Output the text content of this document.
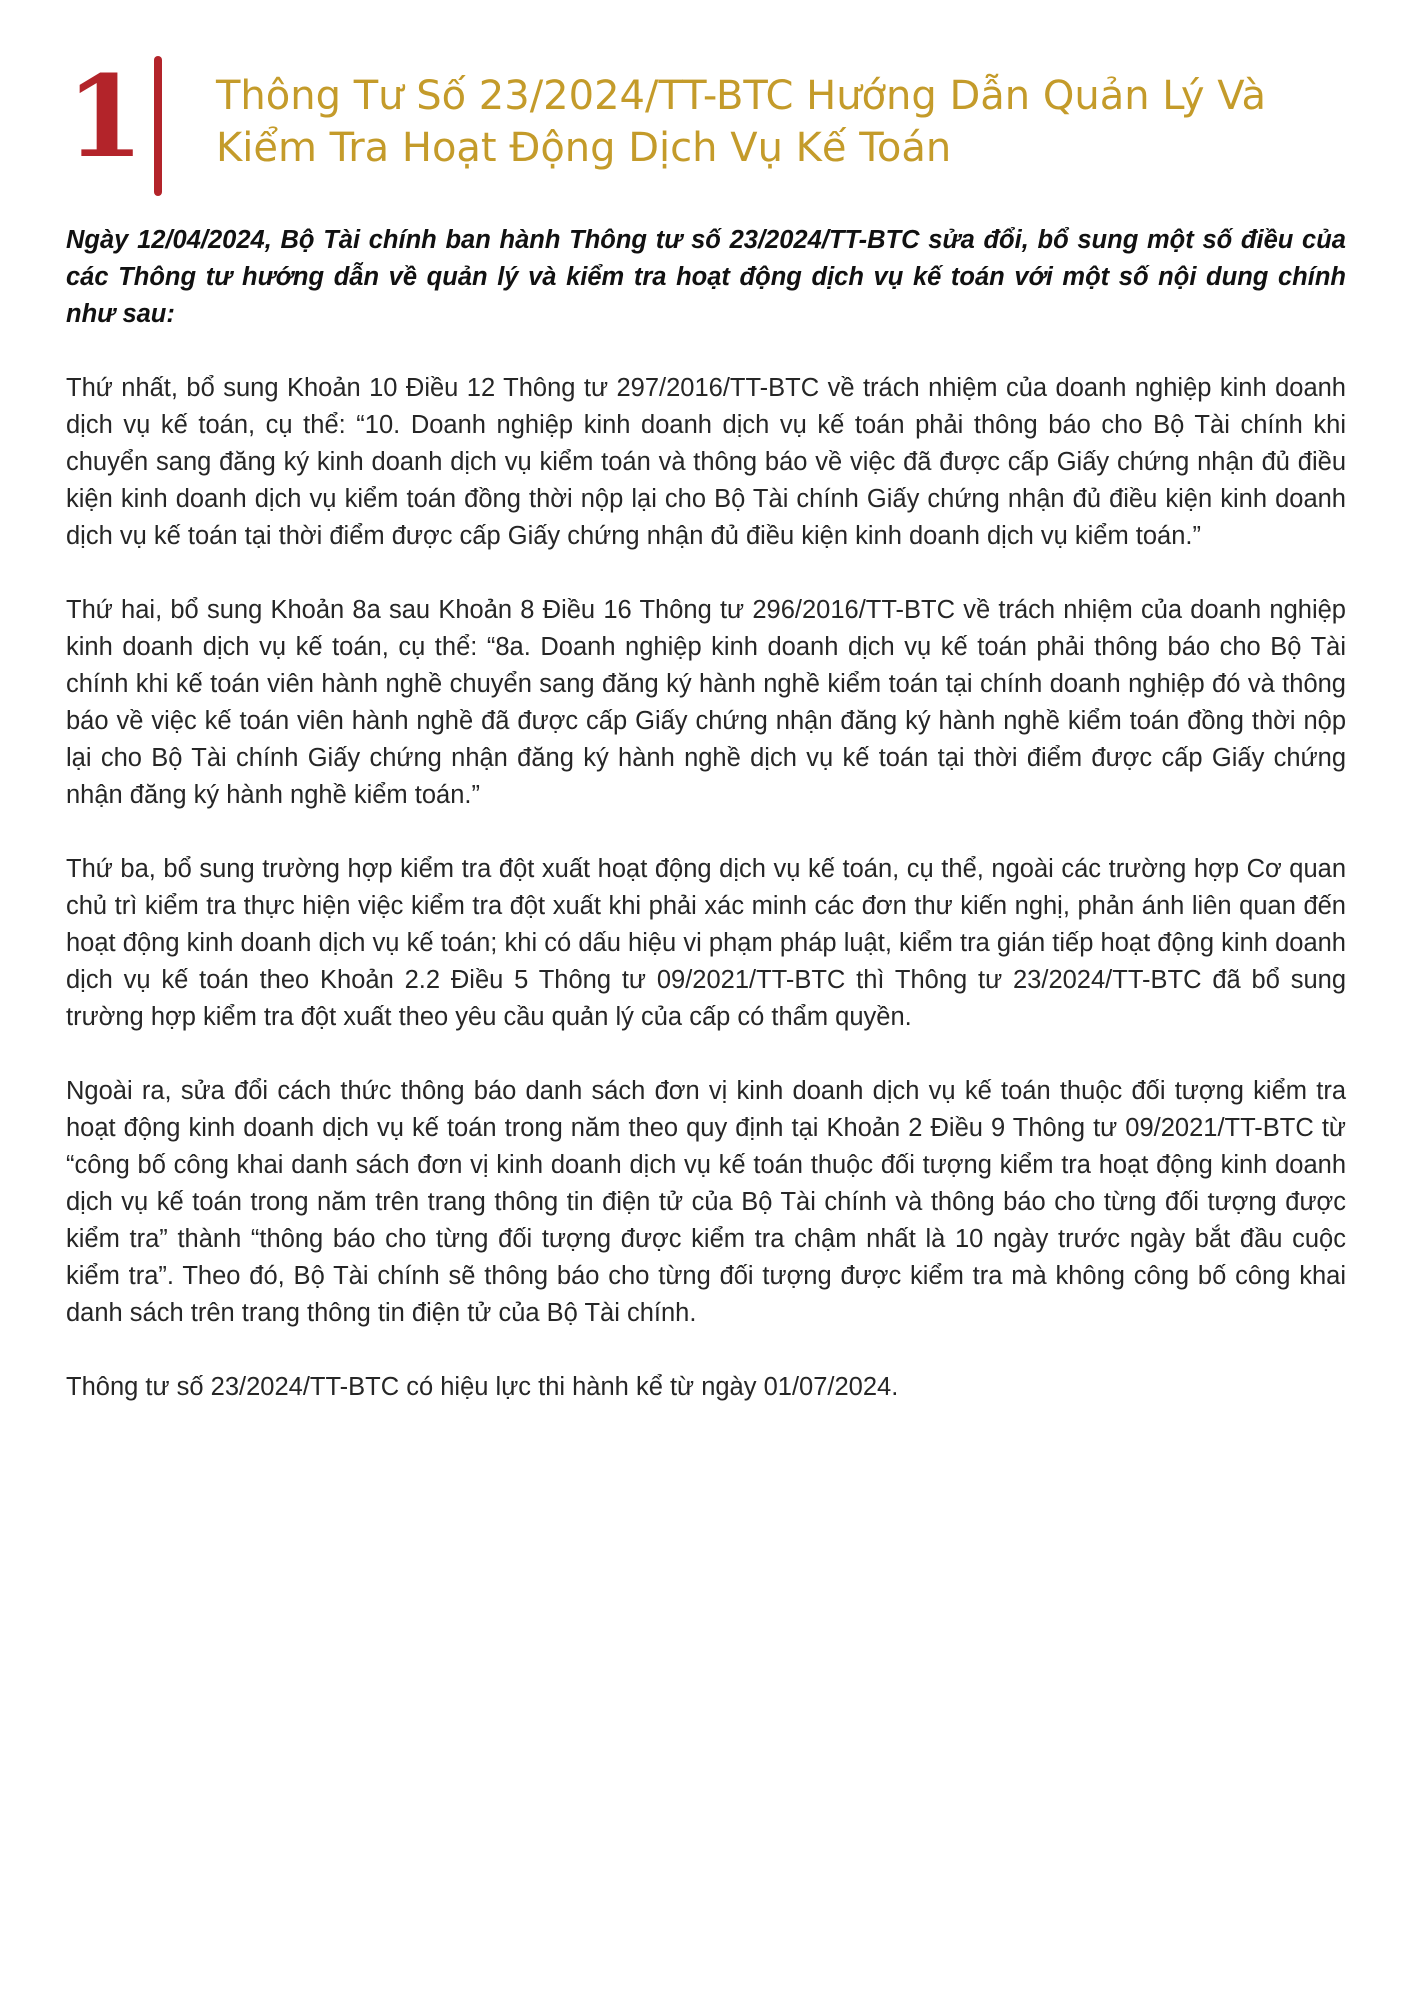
1 Thông Tư Số 23/2024/TT-BTC Hướng Dẫn Quản Lý Và Kiểm Tra Hoạt Động Dịch Vụ Kế Toán

Ngày 12/04/2024, Bộ Tài chính ban hành Thông tư số 23/2024/TT-BTC sửa đổi, bổ sung một số điều của các Thông tư hướng dẫn về quản lý và kiểm tra hoạt động dịch vụ kế toán với một số nội dung chính như sau:

Thứ nhất, bổ sung Khoản 10 Điều 12 Thông tư 297/2016/TT-BTC về trách nhiệm của doanh nghiệp kinh doanh dịch vụ kế toán, cụ thể: “10. Doanh nghiệp kinh doanh dịch vụ kế toán phải thông báo cho Bộ Tài chính khi chuyển sang đăng ký kinh doanh dịch vụ kiểm toán và thông báo về việc đã được cấp Giấy chứng nhận đủ điều kiện kinh doanh dịch vụ kiểm toán đồng thời nộp lại cho Bộ Tài chính Giấy chứng nhận đủ điều kiện kinh doanh dịch vụ kế toán tại thời điểm được cấp Giấy chứng nhận đủ điều kiện kinh doanh dịch vụ kiểm toán.”

Thứ hai, bổ sung Khoản 8a sau Khoản 8 Điều 16 Thông tư 296/2016/TT-BTC về trách nhiệm của doanh nghiệp kinh doanh dịch vụ kế toán, cụ thể: “8a. Doanh nghiệp kinh doanh dịch vụ kế toán phải thông báo cho Bộ Tài chính khi kế toán viên hành nghề chuyển sang đăng ký hành nghề kiểm toán tại chính doanh nghiệp đó và thông báo về việc kế toán viên hành nghề đã được cấp Giấy chứng nhận đăng ký hành nghề kiểm toán đồng thời nộp lại cho Bộ Tài chính Giấy chứng nhận đăng ký hành nghề dịch vụ kế toán tại thời điểm được cấp Giấy chứng nhận đăng ký hành nghề kiểm toán.”

Thứ ba, bổ sung trường hợp kiểm tra đột xuất hoạt động dịch vụ kế toán, cụ thể, ngoài các trường hợp Cơ quan chủ trì kiểm tra thực hiện việc kiểm tra đột xuất khi phải xác minh các đơn thư kiến nghị, phản ánh liên quan đến hoạt động kinh doanh dịch vụ kế toán; khi có dấu hiệu vi phạm pháp luật, kiểm tra gián tiếp hoạt động kinh doanh dịch vụ kế toán theo Khoản 2.2 Điều 5 Thông tư 09/2021/TT-BTC thì Thông tư 23/2024/TT-BTC đã bổ sung trường hợp kiểm tra đột xuất theo yêu cầu quản lý của cấp có thẩm quyền.

Ngoài ra, sửa đổi cách thức thông báo danh sách đơn vị kinh doanh dịch vụ kế toán thuộc đối tượng kiểm tra hoạt động kinh doanh dịch vụ kế toán trong năm theo quy định tại Khoản 2 Điều 9 Thông tư 09/2021/TT-BTC từ “công bố công khai danh sách đơn vị kinh doanh dịch vụ kế toán thuộc đối tượng kiểm tra hoạt động kinh doanh dịch vụ kế toán trong năm trên trang thông tin điện tử của Bộ Tài chính và thông báo cho từng đối tượng được kiểm tra” thành “thông báo cho từng đối tượng được kiểm tra chậm nhất là 10 ngày trước ngày bắt đầu cuộc kiểm tra”. Theo đó, Bộ Tài chính sẽ thông báo cho từng đối tượng được kiểm tra mà không công bố công khai danh sách trên trang thông tin điện tử của Bộ Tài chính.

Thông tư số 23/2024/TT-BTC có hiệu lực thi hành kể từ ngày 01/07/2024.
